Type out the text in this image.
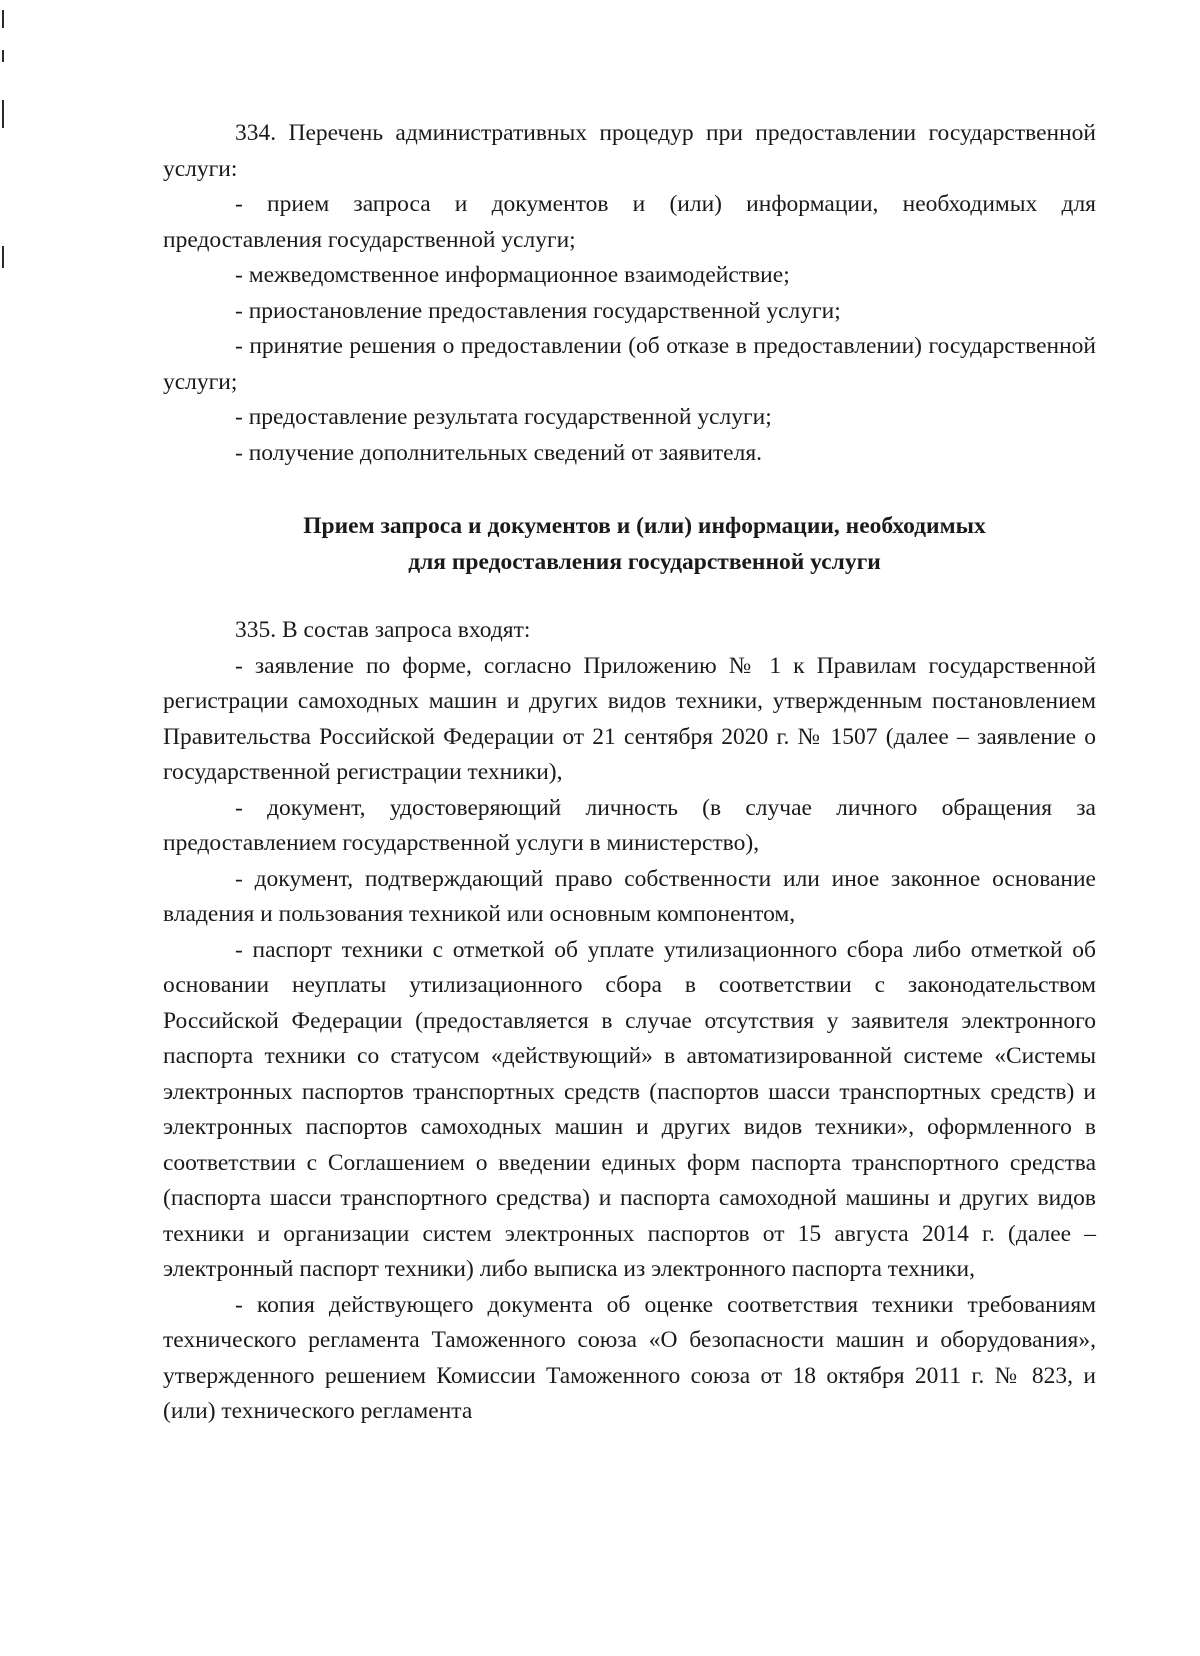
334. Перечень административных процедур при предоставлении государственной услуги:

- прием запроса и документов и (или) информации, необходимых для предоставления государственной услуги;

- межведомственное информационное взаимодействие;

- приостановление предоставления государственной услуги;

- принятие решения о предоставлении (об отказе в предоставлении) государственной услуги;

- предоставление результата государственной услуги;

- получение дополнительных сведений от заявителя.

Прием запроса и документов и (или) информации, необходимых
для предоставления государственной услуги

335. В состав запроса входят:

- заявление по форме, согласно Приложению № 1 к Правилам государственной регистрации самоходных машин и других видов техники, утвержденным постановлением Правительства Российской Федерации от 21 сентября 2020 г. № 1507 (далее – заявление о государственной регистрации техники),

- документ, удостоверяющий личность (в случае личного обращения за предоставлением государственной услуги в министерство),

- документ, подтверждающий право собственности или иное законное основание владения и пользования техникой или основным компонентом,

- паспорт техники с отметкой об уплате утилизационного сбора либо отметкой об основании неуплаты утилизационного сбора в соответствии с законодательством Российской Федерации (предоставляется в случае отсутствия у заявителя электронного паспорта техники со статусом «действующий» в автоматизированной системе «Системы электронных паспортов транспортных средств (паспортов шасси транспортных средств) и электронных паспортов самоходных машин и других видов техники», оформленного в соответствии с Соглашением о введении единых форм паспорта транспортного средства (паспорта шасси транспортного средства) и паспорта самоходной машины и других видов техники и организации систем электронных паспортов от 15 августа 2014 г. (далее – электронный паспорт техники) либо выписка из электронного паспорта техники,

- копия действующего документа об оценке соответствия техники требованиям технического регламента Таможенного союза «О безопасности машин и оборудования», утвержденного решением Комиссии Таможенного союза от 18 октября 2011 г. № 823, и (или) технического регламента
